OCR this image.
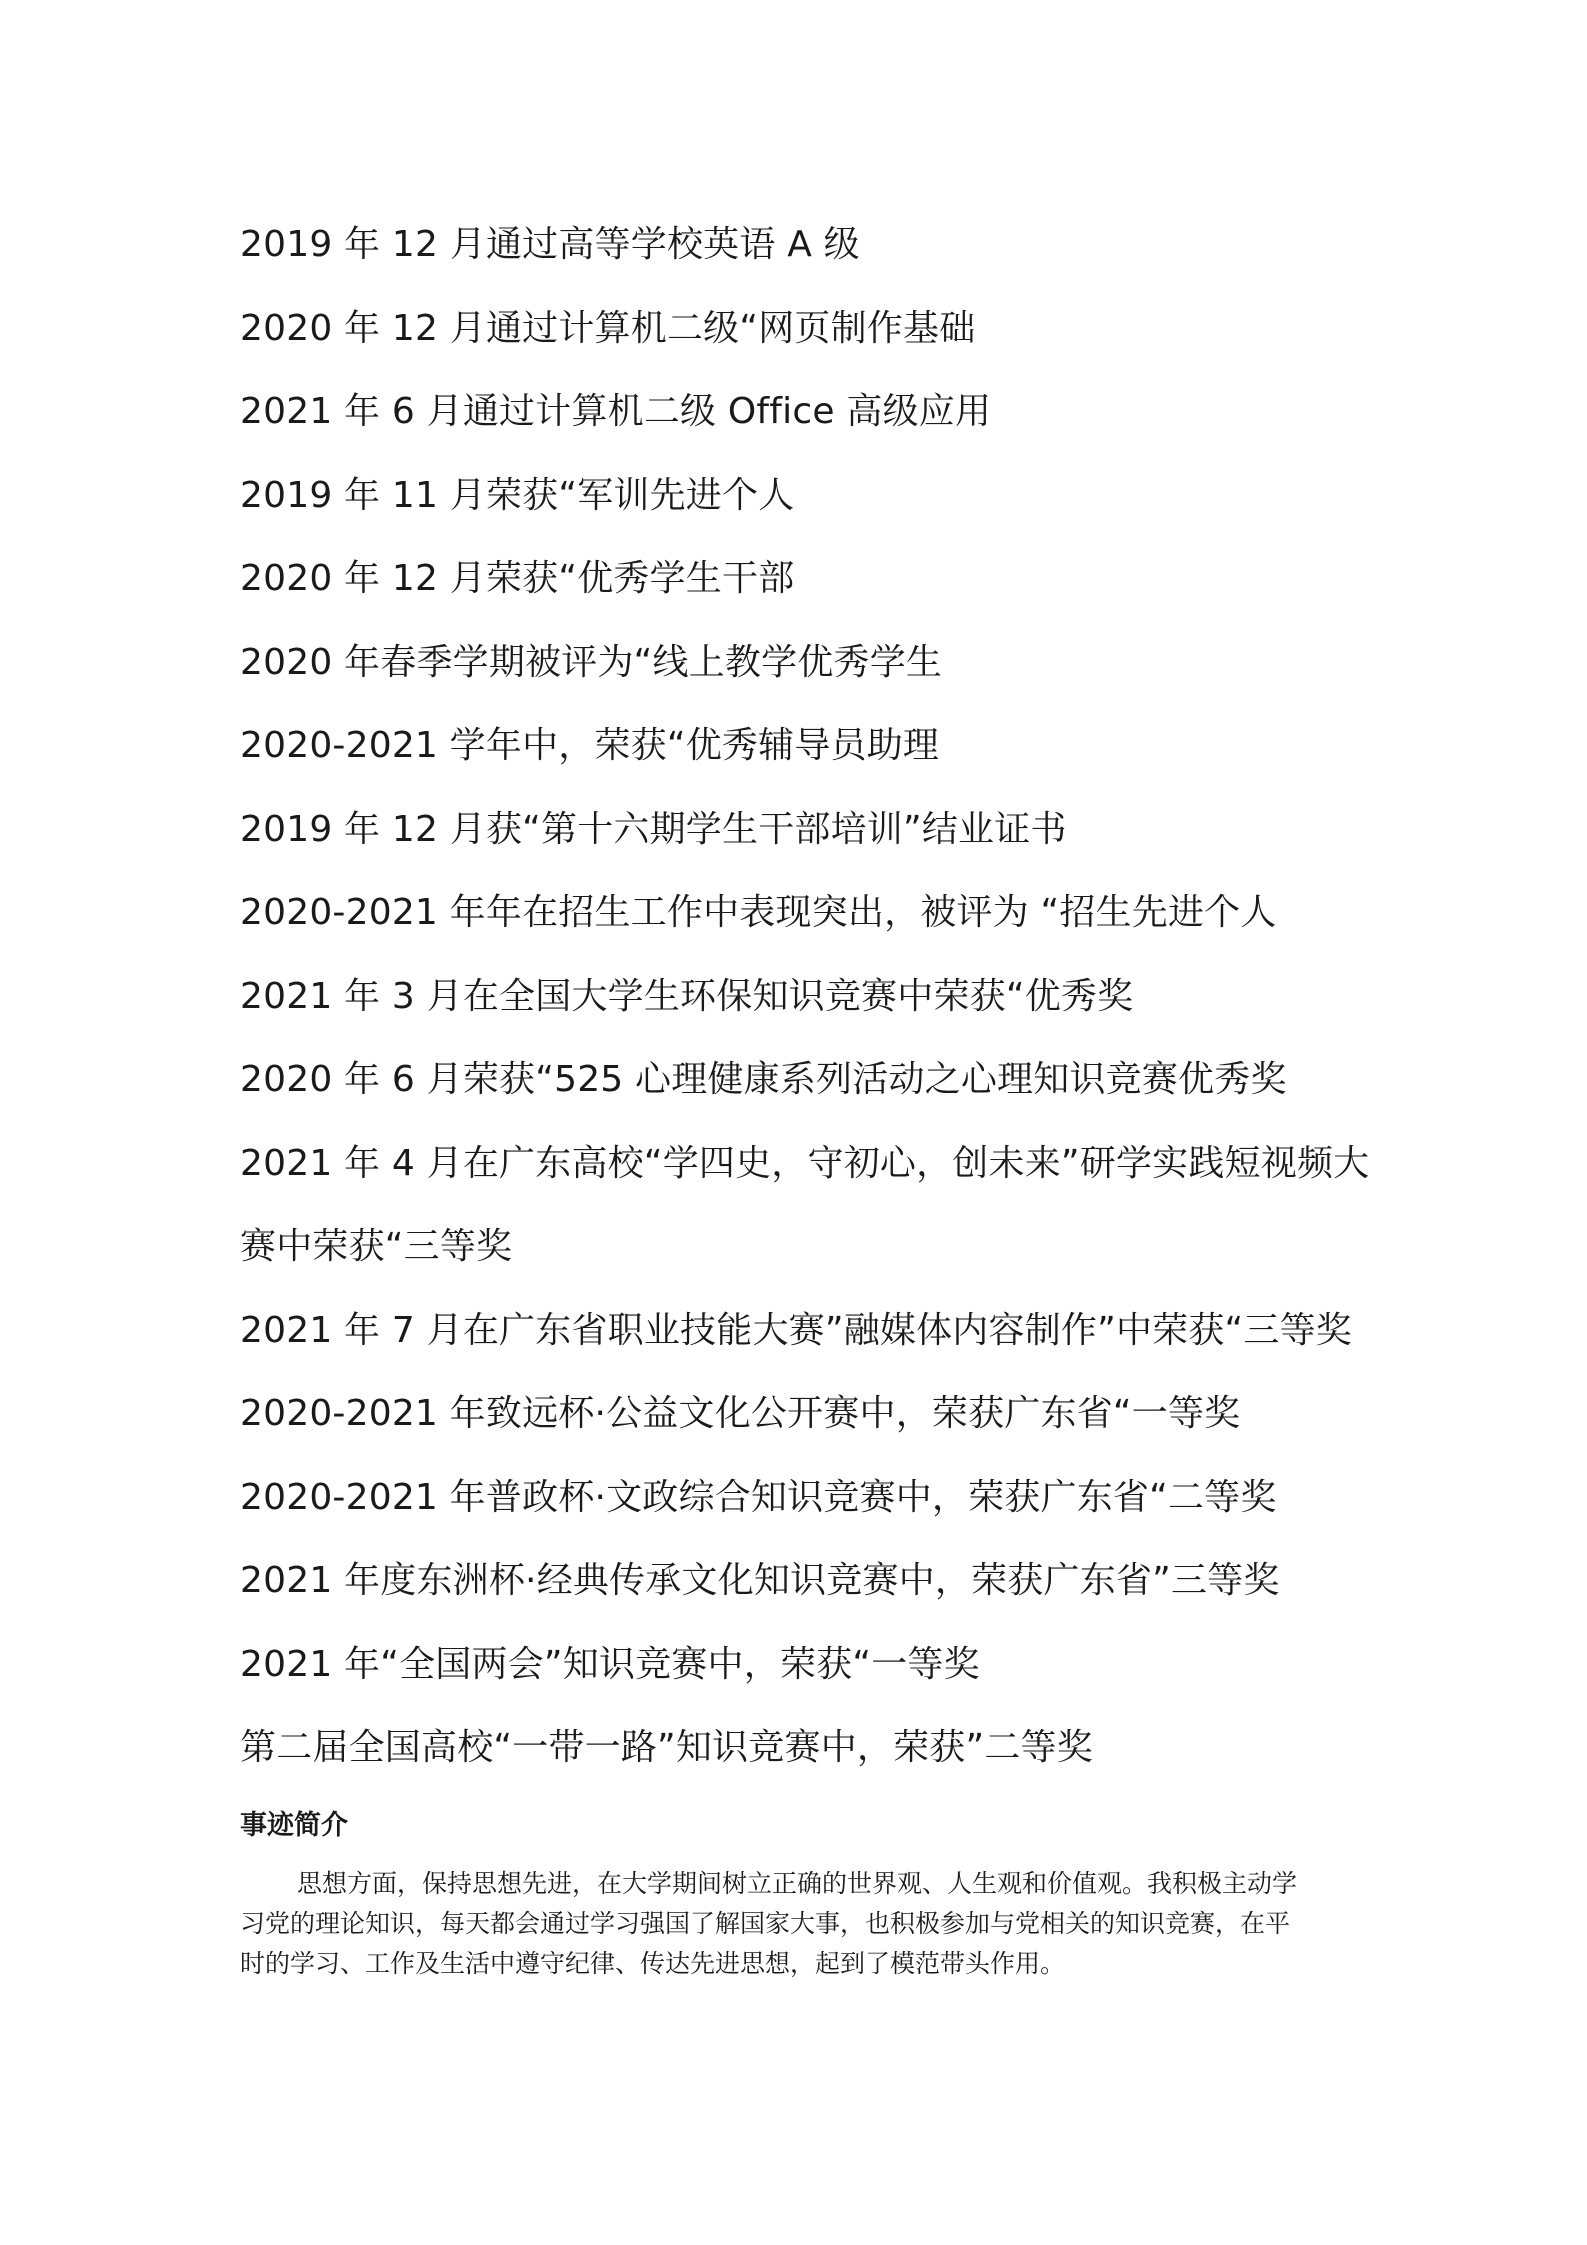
2019 年 12 月通过高等学校英语 A 级
2020 年 12 月通过计算机二级“网页制作基础
2021 年 6 月通过计算机二级 Office 高级应用
2019 年 11 月荣获“军训先进个人
2020 年 12 月荣获“优秀学生干部
2020 年春季学期被评为“线上教学优秀学生
2020-2021 学年中，荣获“优秀辅导员助理
2019 年 12 月获“第十六期学生干部培训”结业证书
2020-2021 年年在招生工作中表现突出，被评为 “招生先进个人
2021 年 3 月在全国大学生环保知识竞赛中荣获“优秀奖
2020 年 6 月荣获“525 心理健康系列活动之心理知识竞赛优秀奖
2021 年 4 月在广东高校“学四史，守初心，创未来”研学实践短视频大
赛中荣获“三等奖
2021 年 7 月在广东省职业技能大赛”融媒体内容制作”中荣获“三等奖
2020-2021 年致远杯·公益文化公开赛中，荣获广东省“一等奖
2020-2021 年普政杯·文政综合知识竞赛中，荣获广东省“二等奖
2021 年度东洲杯·经典传承文化知识竞赛中，荣获广东省”三等奖
2021 年“全国两会”知识竞赛中，荣获“一等奖
第二届全国高校“一带一路”知识竞赛中，荣获”二等奖
事迹简介
思想方面，保持思想先进，在大学期间树立正确的世界观、人生观和价值观。我积极主动学
习党的理论知识，每天都会通过学习强国了解国家大事，也积极参加与党相关的知识竞赛，在平
时的学习、工作及生活中遵守纪律、传达先进思想，起到了模范带头作用。
